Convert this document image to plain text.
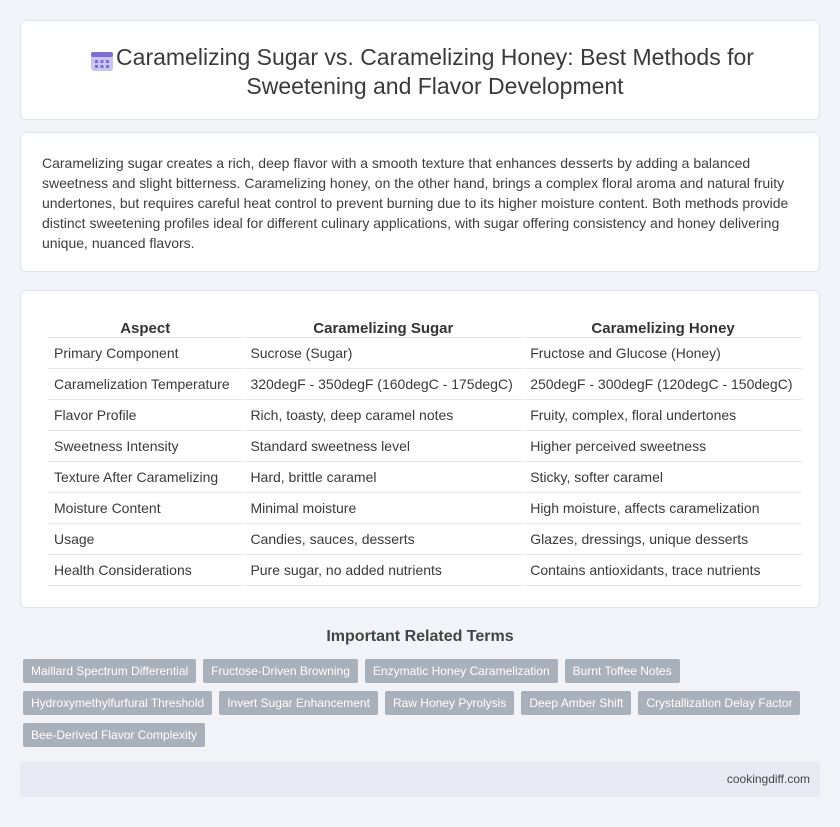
Caramelizing Sugar vs. Caramelizing Honey: Best Methods for Sweetening and Flavor Development

Caramelizing sugar creates a rich, deep flavor with a smooth texture that enhances desserts by adding a balanced sweetness and slight bitterness. Caramelizing honey, on the other hand, brings a complex floral aroma and natural fruity undertones, but requires careful heat control to prevent burning due to its higher moisture content. Both methods provide distinct sweetening profiles ideal for different culinary applications, with sugar offering consistency and honey delivering unique, nuanced flavors.

Aspect	Caramelizing Sugar	Caramelizing Honey
Primary Component	Sucrose (Sugar)	Fructose and Glucose (Honey)
Caramelization Temperature	320degF - 350degF (160degC - 175degC)	250degF - 300degF (120degC - 150degC)
Flavor Profile	Rich, toasty, deep caramel notes	Fruity, complex, floral undertones
Sweetness Intensity	Standard sweetness level	Higher perceived sweetness
Texture After Caramelizing	Hard, brittle caramel	Sticky, softer caramel
Moisture Content	Minimal moisture	High moisture, affects caramelization
Usage	Candies, sauces, desserts	Glazes, dressings, unique desserts
Health Considerations	Pure sugar, no added nutrients	Contains antioxidants, trace nutrients
Important Related Terms
Maillard Spectrum Differential	Fructose-Driven Browning	Enzymatic Honey Caramelization	Burnt Toffee Notes
Hydroxymethylfurfural Threshold	Invert Sugar Enhancement	Raw Honey Pyrolysis	Deep Amber Shift	Crystallization Delay Factor
Bee-Derived Flavor Complexity
cookingdiff.com
